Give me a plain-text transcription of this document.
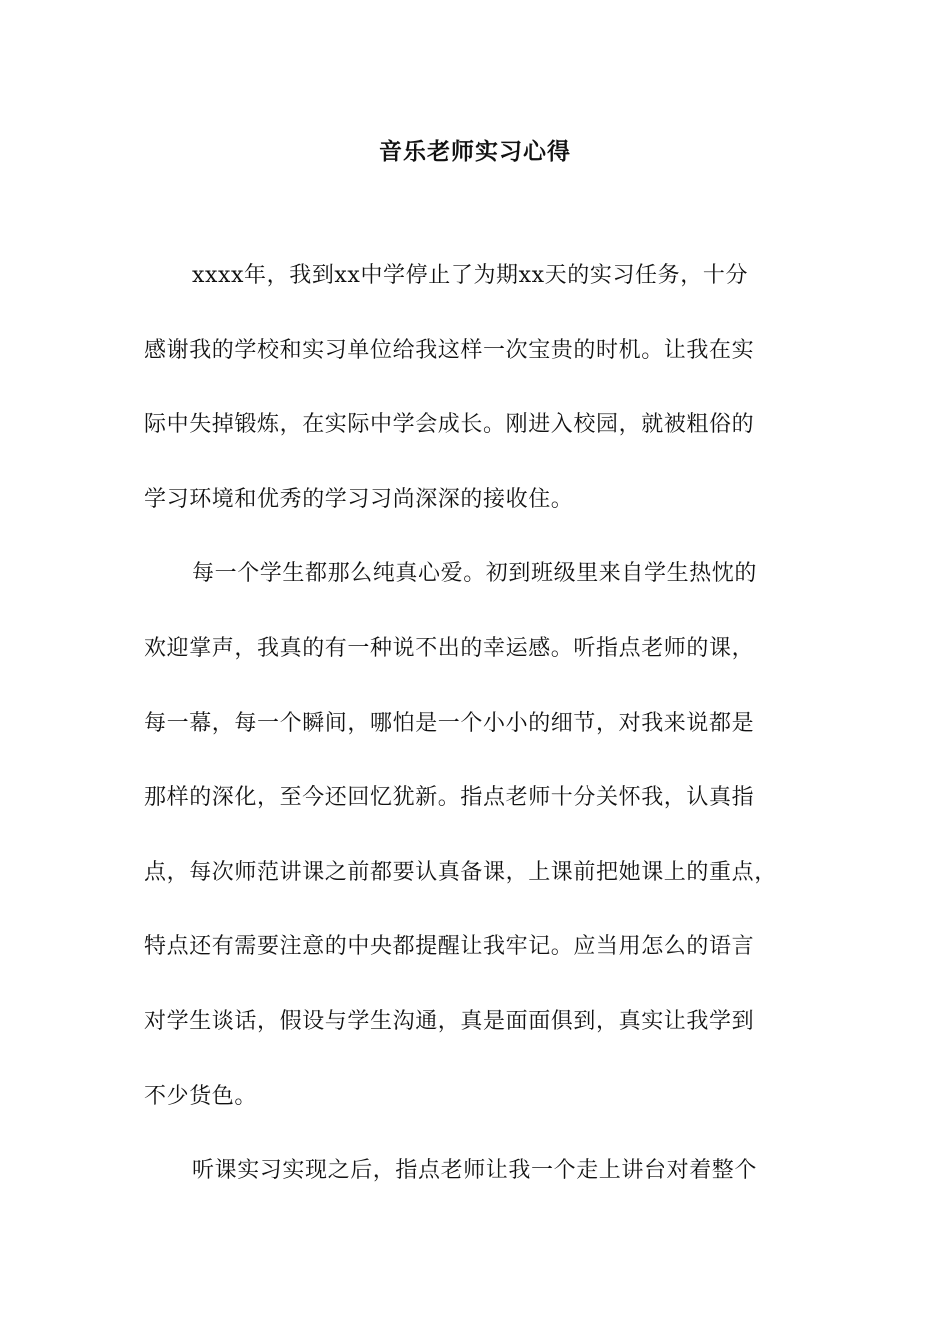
音乐老师实习心得
xxxx年，我到xx中学停止了为期xx天的实习任务，十分
感谢我的学校和实习单位给我这样一次宝贵的时机。让我在实
际中失掉锻炼，在实际中学会成长。刚进入校园，就被粗俗的
学习环境和优秀的学习习尚深深的接收住。
每一个学生都那么纯真心爱。初到班级里来自学生热忱的
欢迎掌声，我真的有一种说不出的幸运感。听指点老师的课，
每一幕，每一个瞬间，哪怕是一个小小的细节，对我来说都是
那样的深化，至今还回忆犹新。指点老师十分关怀我，认真指
点，每次师范讲课之前都要认真备课，上课前把她课上的重点，
特点还有需要注意的中央都提醒让我牢记。应当用怎么的语言
对学生谈话，假设与学生沟通，真是面面俱到，真实让我学到
不少货色。
听课实习实现之后，指点老师让我一个走上讲台对着整个
